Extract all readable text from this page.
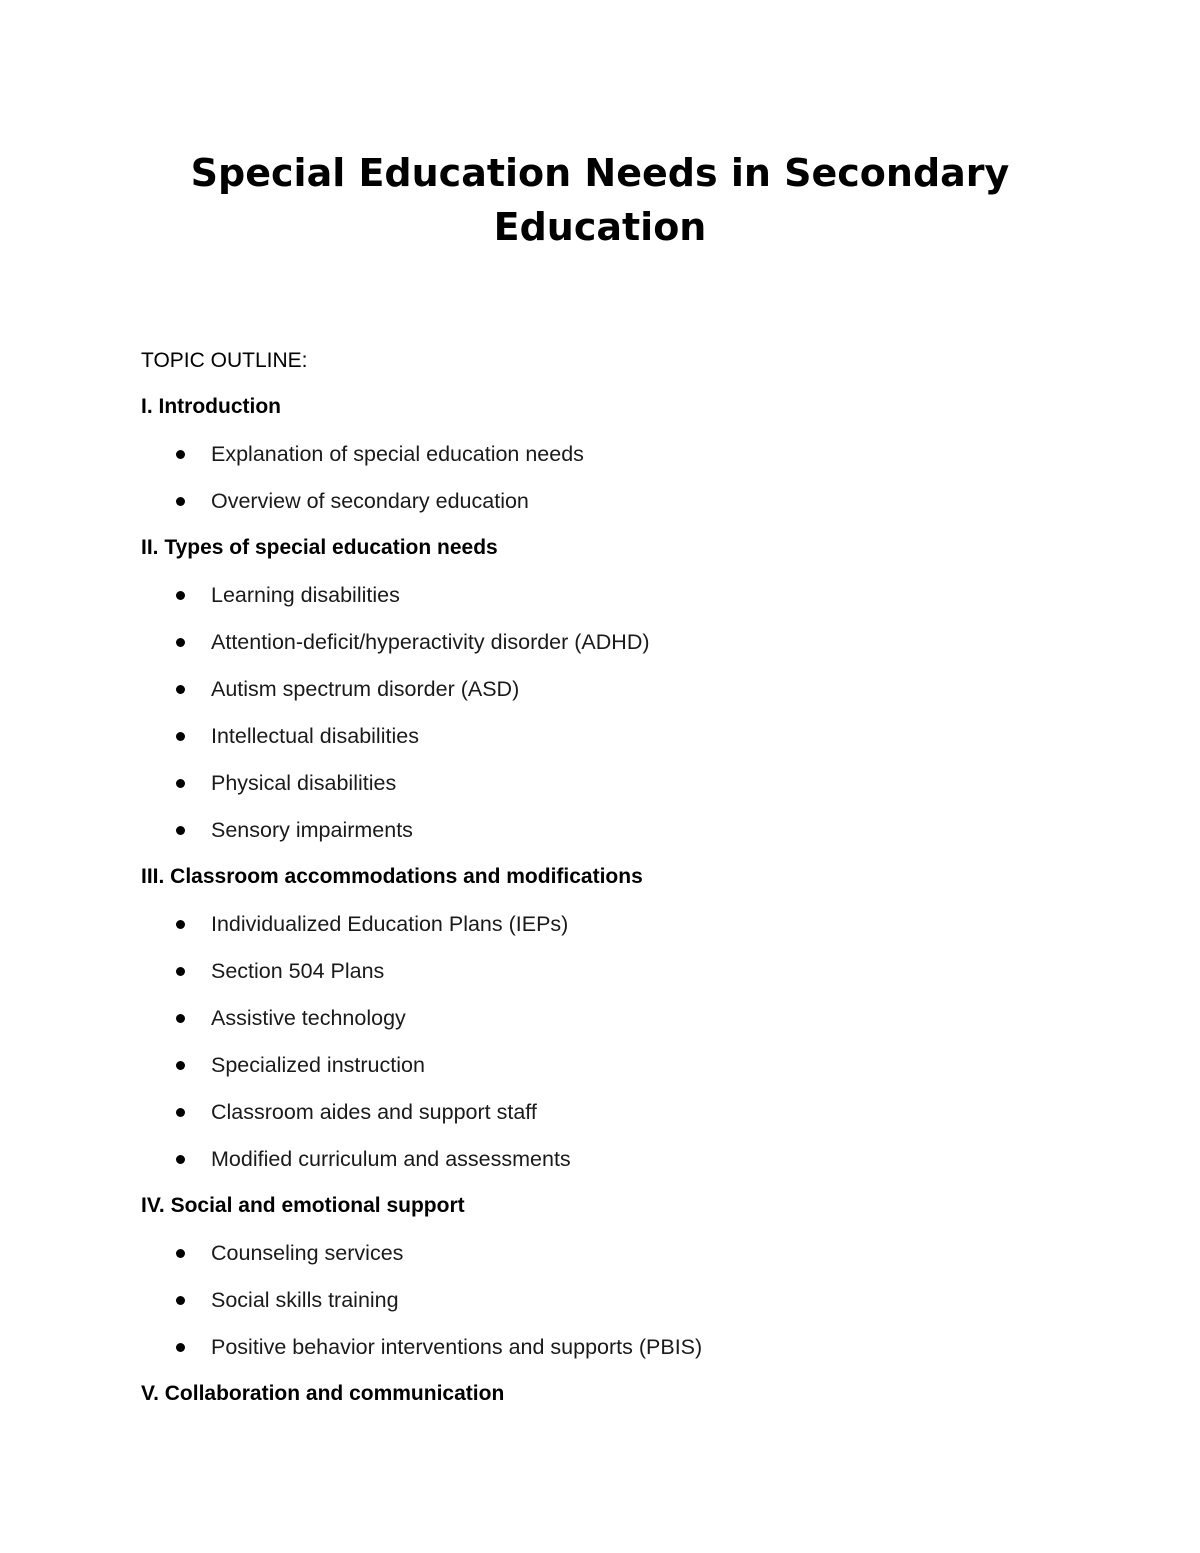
Special Education Needs in Secondary Education

TOPIC OUTLINE:

I. Introduction
Explanation of special education needs
Overview of secondary education
II. Types of special education needs
Learning disabilities
Attention-deficit/hyperactivity disorder (ADHD)
Autism spectrum disorder (ASD)
Intellectual disabilities
Physical disabilities
Sensory impairments
III. Classroom accommodations and modifications
Individualized Education Plans (IEPs)
Section 504 Plans
Assistive technology
Specialized instruction
Classroom aides and support staff
Modified curriculum and assessments
IV. Social and emotional support
Counseling services
Social skills training
Positive behavior interventions and supports (PBIS)
V. Collaboration and communication
